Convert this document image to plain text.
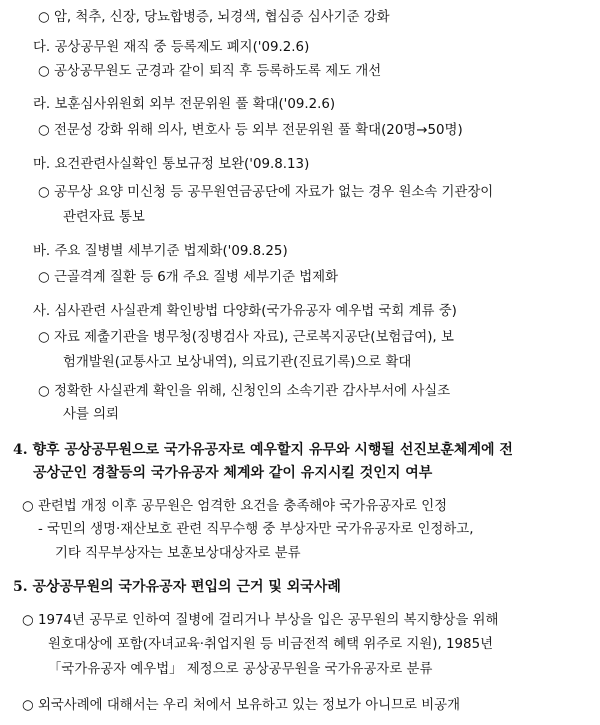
○ 암, 척추, 신장, 당뇨합병증, 뇌경색, 협심증 심사기준 강화
다. 공상공무원 재직 중 등록제도 폐지('09.2.6)
○ 공상공무원도 군경과 같이 퇴직 후 등록하도록 제도 개선
라. 보훈심사위원회 외부 전문위원 풀 확대('09.2.6)
○ 전문성 강화 위해 의사, 변호사 등 외부 전문위원 풀 확대(20명→50명)
마. 요건관련사실확인 통보규정 보완('09.8.13)
○ 공무상 요양 미신청 등 공무원연금공단에 자료가 없는 경우 원소속 기관장이
관련자료 통보
바. 주요 질병별 세부기준 법제화('09.8.25)
○ 근골격계 질환 등 6개 주요 질병 세부기준 법제화
사. 심사관련 사실관계 확인방법 다양화(국가유공자 예우법 국회 계류 중)
○ 자료 제출기관을 병무청(징병검사 자료), 근로복지공단(보험급여), 보
험개발원(교통사고 보상내역), 의료기관(진료기록)으로 확대
○ 정확한 사실관계 확인을 위해, 신청인의 소속기관 감사부서에 사실조
사를 의뢰
4. 향후 공상공무원으로 국가유공자로 예우할지 유무와 시행될 선진보훈체계에 전
공상군인 경찰등의 국가유공자 체계와 같이 유지시킬 것인지 여부
○ 관련법 개정 이후 공무원은 엄격한 요건을 충족해야 국가유공자로 인정
- 국민의 생명·재산보호 관련 직무수행 중 부상자만 국가유공자로 인정하고,
기타 직무부상자는 보훈보상대상자로 분류
5. 공상공무원의 국가유공자 편입의 근거 및 외국사례
○ 1974년 공무로 인하여 질병에 걸리거나 부상을 입은 공무원의 복지향상을 위해
원호대상에 포함(자녀교육·취업지원 등 비금전적 혜택 위주로 지원), 1985년
「국가유공자 예우법」 제정으로 공상공무원을 국가유공자로 분류
○ 외국사례에 대해서는 우리 처에서 보유하고 있는 정보가 아니므로 비공개
